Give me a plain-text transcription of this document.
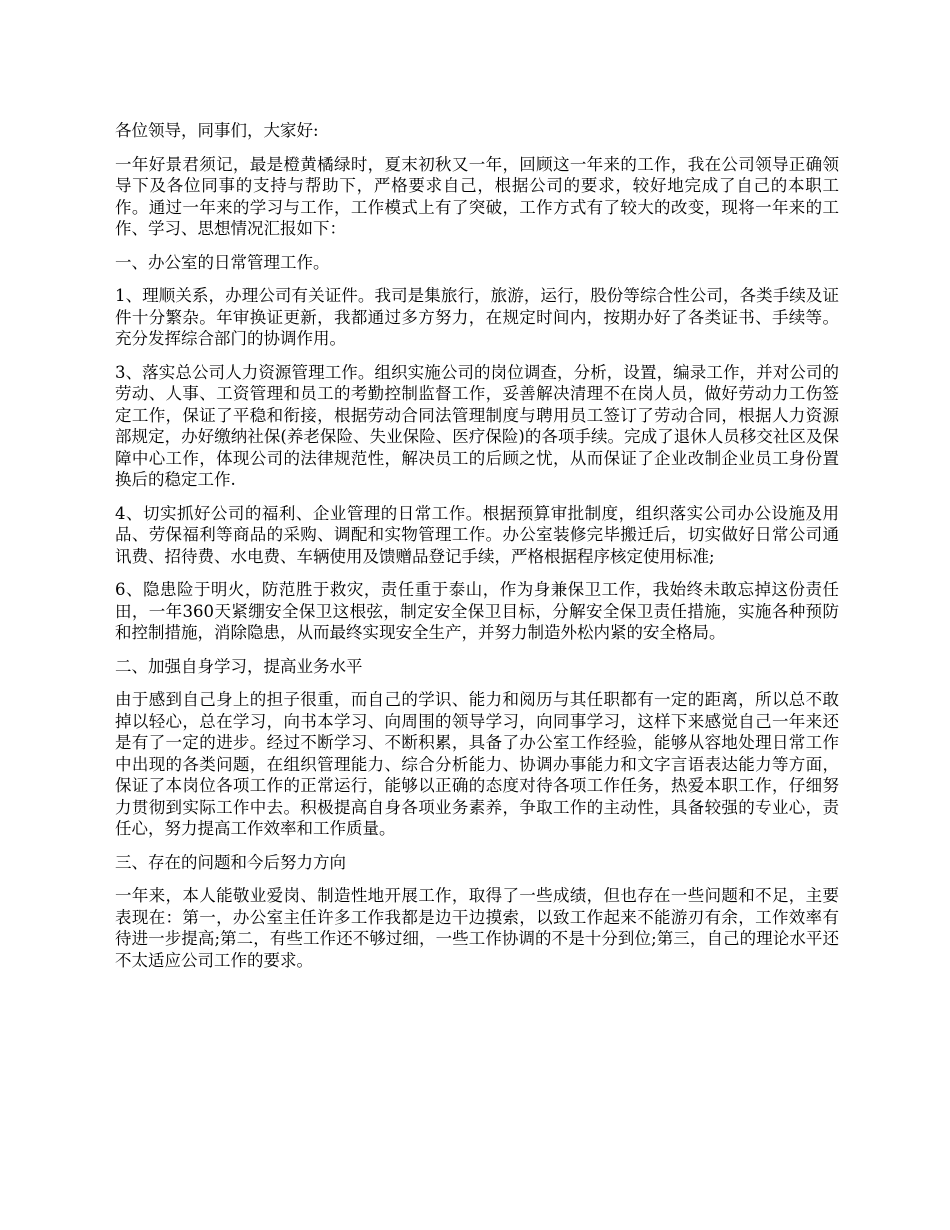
各位领导，同事们，大家好:

一年好景君须记，最是橙黄橘绿时，夏末初秋又一年，回顾这一年来的工作，我在公司领导正确领导下及各位同事的支持与帮助下，严格要求自己，根据公司的要求，较好地完成了自己的本职工作。通过一年来的学习与工作，工作模式上有了突破，工作方式有了较大的改变，现将一年来的工作、学习、思想情况汇报如下：

一、办公室的日常管理工作。

1、理顺关系，办理公司有关证件。我司是集旅行，旅游，运行，股份等综合性公司，各类手续及证件十分繁杂。年审换证更新，我都通过多方努力，在规定时间内，按期办好了各类证书、手续等。充分发挥综合部门的协调作用。

3、落实总公司人力资源管理工作。组织实施公司的岗位调查，分析，设置，编录工作，并对公司的劳动、人事、工资管理和员工的考勤控制监督工作，妥善解决清理不在岗人员，做好劳动力工伤签定工作，保证了平稳和衔接，根据劳动合同法管理制度与聘用员工签订了劳动合同，根据人力资源部规定，办好缴纳社保(养老保险、失业保险、医疗保险)的各项手续。完成了退休人员移交社区及保障中心工作，体现公司的法律规范性，解决员工的后顾之忧，从而保证了企业改制企业员工身份置换后的稳定工作.

4、切实抓好公司的福利、企业管理的日常工作。根据预算审批制度，组织落实公司办公设施及用品、劳保福利等商品的采购、调配和实物管理工作。办公室装修完毕搬迁后，切实做好日常公司通讯费、招待费、水电费、车辆使用及馈赠品登记手续，严格根据程序核定使用标准;

6、隐患险于明火，防范胜于救灾，责任重于泰山，作为身兼保卫工作，我始终未敢忘掉这份责任田，一年360天紧绷安全保卫这根弦，制定安全保卫目标，分解安全保卫责任措施，实施各种预防和控制措施，消除隐患，从而最终实现安全生产，并努力制造外松内紧的安全格局。

二、加强自身学习，提高业务水平

由于感到自己身上的担子很重，而自己的学识、能力和阅历与其任职都有一定的距离，所以总不敢掉以轻心，总在学习，向书本学习、向周围的领导学习，向同事学习，这样下来感觉自己一年来还是有了一定的进步。经过不断学习、不断积累，具备了办公室工作经验，能够从容地处理日常工作中出现的各类问题，在组织管理能力、综合分析能力、协调办事能力和文字言语表达能力等方面，保证了本岗位各项工作的正常运行，能够以正确的态度对待各项工作任务，热爱本职工作，仔细努力贯彻到实际工作中去。积极提高自身各项业务素养，争取工作的主动性，具备较强的专业心，责任心，努力提高工作效率和工作质量。

三、存在的问题和今后努力方向

一年来，本人能敬业爱岗、制造性地开展工作，取得了一些成绩，但也存在一些问题和不足，主要表现在：第一，办公室主任许多工作我都是边干边摸索，以致工作起来不能游刃有余，工作效率有待进一步提高;第二，有些工作还不够过细，一些工作协调的不是十分到位;第三，自己的理论水平还不太适应公司工作的要求。
